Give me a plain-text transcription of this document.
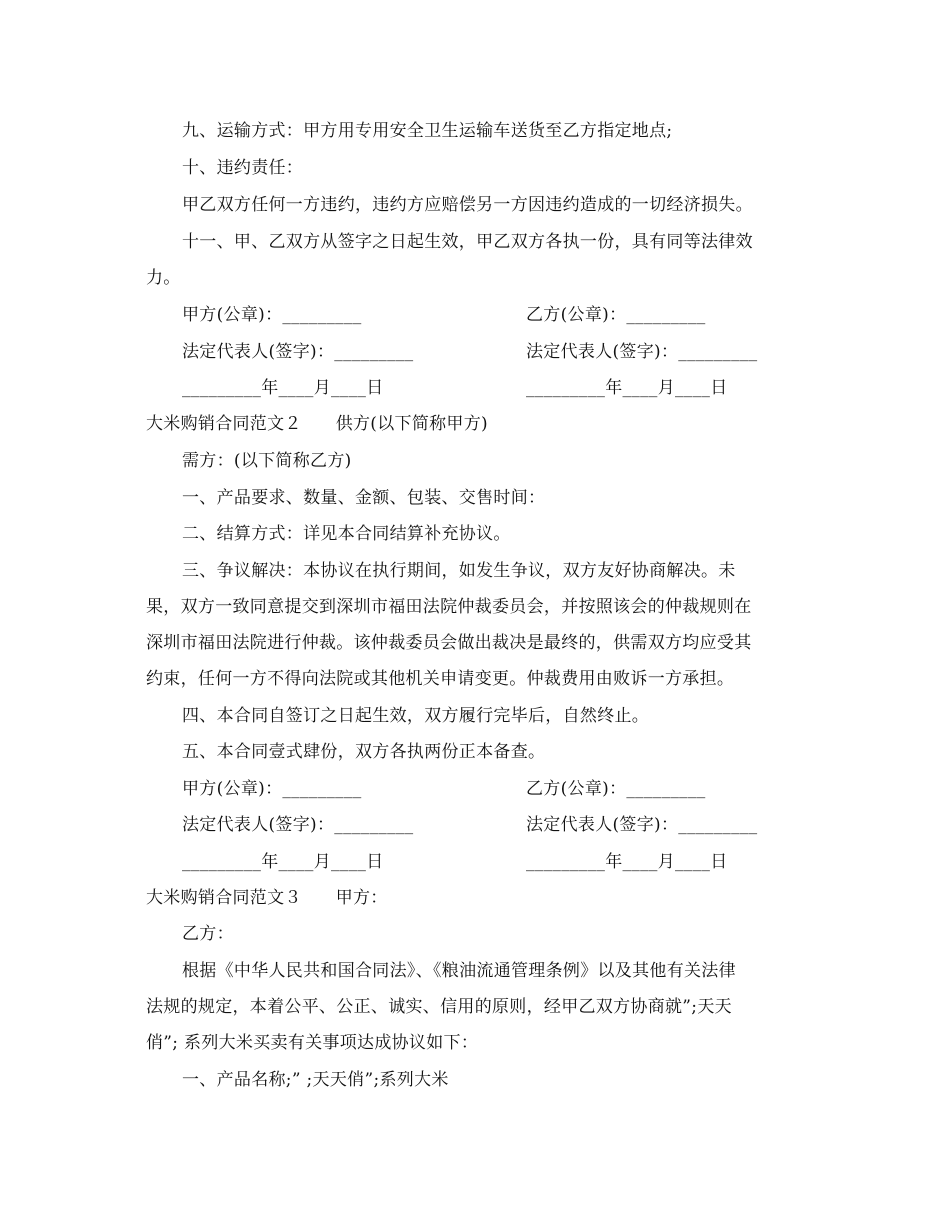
九、运输方式：甲方用专用安全卫生运输车送货至乙方指定地点;
十、违约责任：
甲乙双方任何一方违约，违约方应赔偿另一方因违约造成的一切经济损失。
十一、甲、乙双方从签字之日起生效，甲乙双方各执一份，具有同等法律效
力。
甲方(公章)：_________	乙方(公章)：_________
法定代表人(签字)：_________	法定代表人(签字)：_________
_________年____月____日	_________年____月____日
大米购销合同范文２ 供方(以下简称甲方)
需方：(以下简称乙方)
一、产品要求、数量、金额、包装、交售时间：
二、结算方式：详见本合同结算补充协议。
三、争议解决：本协议在执行期间，如发生争议，双方友好协商解决。未
果，双方一致同意提交到深圳市福田法院仲裁委员会，并按照该会的仲裁规则在
深圳市福田法院进行仲裁。该仲裁委员会做出裁决是最终的，供需双方均应受其
约束，任何一方不得向法院或其他机关申请变更。仲裁费用由败诉一方承担。
四、本合同自签订之日起生效，双方履行完毕后，自然终止。
五、本合同壹式肆份，双方各执两份正本备查。
甲方(公章)：_________	乙方(公章)：_________
法定代表人(签字)：_________	法定代表人(签字)：_________
_________年____月____日	_________年____月____日
大米购销合同范文３ 甲方：
乙方：
根据《中华人民共和国合同法》、《粮油流通管理条例》以及其他有关法律
法规的规定，本着公平、公正、诚实、信用的原则，经甲乙双方协商就”;天天
俏”; 系列大米买卖有关事项达成协议如下：
一、产品名称;” ;天天俏”;系列大米
